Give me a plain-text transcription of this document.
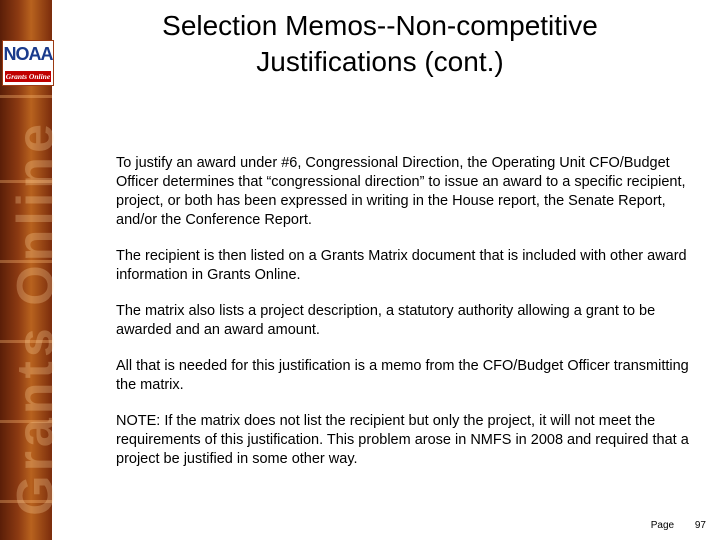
Grants Online
NOAA
Grants Online
Selection Memos--Non-competitive
Justifications (cont.)

To justify an award under #6, Congressional Direction, the Operating Unit CFO/Budget Officer determines that “congressional direction” to issue an award to a specific recipient, project, or both has been expressed in writing in the House report, the Senate Report, and/or the Conference Report.

The recipient is then listed on a Grants Matrix document that is included with other award information in Grants Online.

The matrix also lists a project description, a statutory authority allowing a grant to be awarded and an award amount.

All that is needed for this justification is a memo from the CFO/Budget Officer transmitting the matrix.

NOTE: If the matrix does not list the recipient but only the project, it will not meet the requirements of this justification. This problem arose in NMFS in 2008 and required that a project be justified in some other way.

Page 97
